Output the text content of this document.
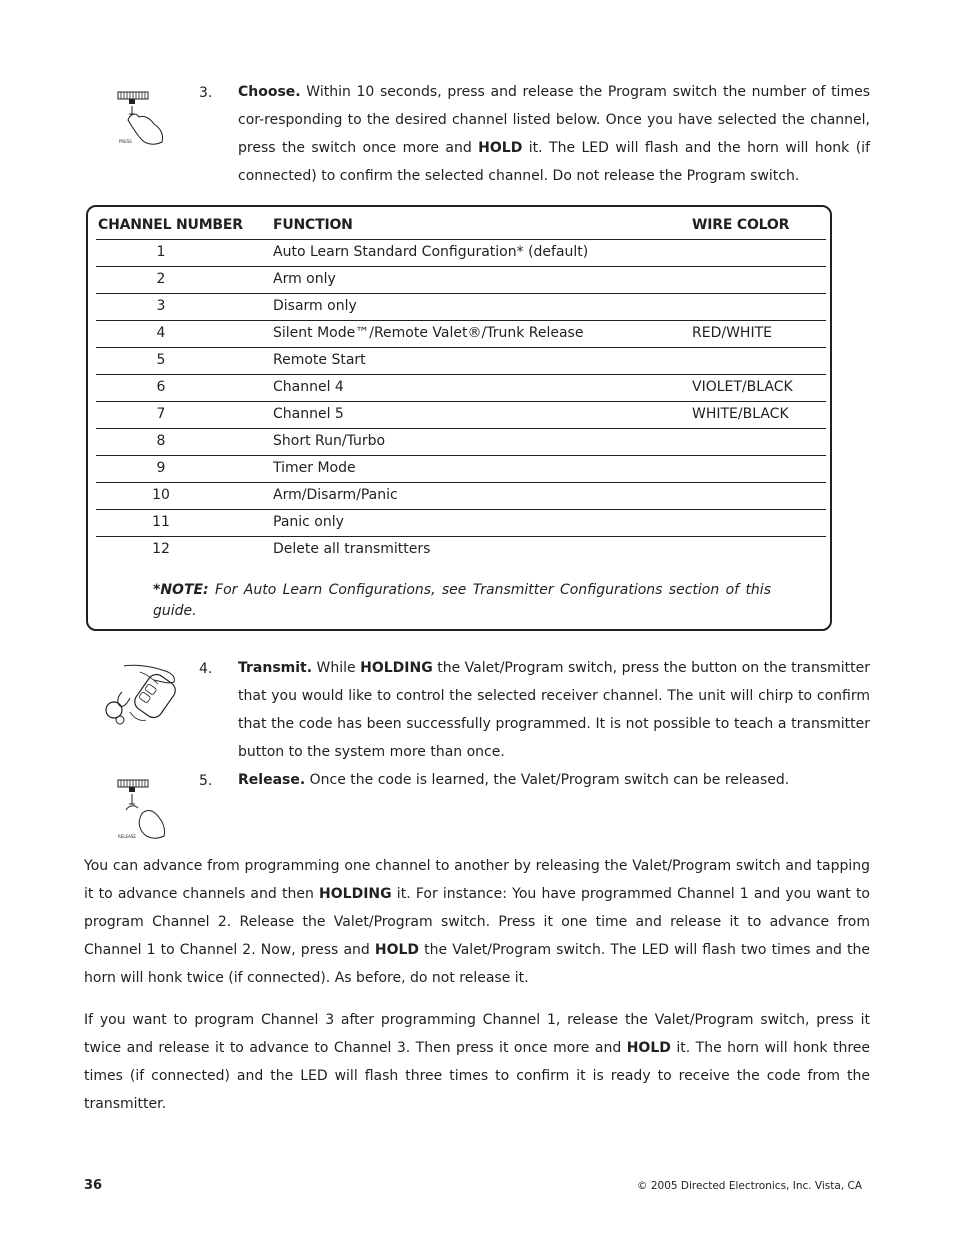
PRESS
3. Choose. Within 10 seconds, press and release the Program switch the number of times cor-responding to the desired channel listed below. Once you have selected the channel, press the switch once more and HOLD it. The LED will flash and the horn will honk (if connected) to confirm the selected channel. Do not release the Program switch.
CHANNEL NUMBER FUNCTION	WIRE COLOR
1	Auto Learn Standard Configuration* (default)
2	Arm only
3	Disarm only
4	Silent Mode™/Remote Valet®/Trunk Release	RED/WHITE
5	Remote Start
6	Channel 4	VIOLET/BLACK
7	Channel 5	WHITE/BLACK
8	Short Run/Turbo
9	Timer Mode
10	Arm/Disarm/Panic
11	Panic only
12	Delete all transmitters
*NOTE: For Auto Learn Configurations, see Transmitter Configurations section of this guide.
4. Transmit. While HOLDING the Valet/Program switch, press the button on the transmitter that you would like to control the selected receiver channel. The unit will chirp to confirm that the code has been successfully programmed. It is not possible to teach a transmitter button to the system more than once.
RELEASE
5. Release. Once the code is learned, the Valet/Program switch can be released.
You can advance from programming one channel to another by releasing the Valet/Program switch and tapping it to advance channels and then HOLDING it. For instance: You have programmed Channel 1 and you want to program Channel 2. Release the Valet/Program switch. Press it one time and release it to advance from Channel 1 to Channel 2. Now, press and HOLD the Valet/Program switch. The LED will flash two times and the horn will honk twice (if connected). As before, do not release it.
If you want to program Channel 3 after programming Channel 1, release the Valet/Program switch, press it twice and release it to advance to Channel 3. Then press it once more and HOLD it. The horn will honk three times (if connected) and the LED will flash three times to confirm it is ready to receive the code from the transmitter.
36	© 2005 Directed Electronics, Inc. Vista, CA
